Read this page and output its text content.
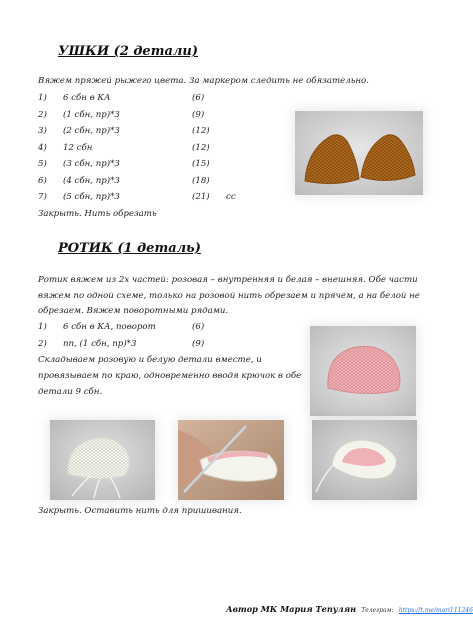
УШКИ (2 детали)
Вяжем пряжей рыжего цвета. За маркером следить не обязательно.
1) 6 сбн в КА	(6)
2) (1 сбн, пр)*3	(9)
3) (2 сбн, пр)*3	(12)
4) 12 сбн	(12)
5) (3 сбн, пр)*3	(15)
6) (4 сбн, пр)*3	(18)
7) (5 сбн, пр)*3	(21) сс
Закрыть. Нить обрезать
РОТИК (1 деталь)
Ротик вяжем из 2х частей: розовая – внутренняя и белая – внешняя. Обе части
вяжем по одной схеме, только на розовой нить обрезаем и прячем, а на белой не
обрезаем. Вяжем поворотными рядами.
1) 6 сбн в КА, поворот	(6)
2) пп, (1 сбн, пр)*3	(9)
Складываем розовую и белую детали вместе, и
провязываем по краю, одновременно вводя крючок в обе
детали 9 сбн.
Закрыть. Оставить нить для пришивания.
Автор МК Мария Тепулян Телеграм: https://t.me/mari111246
